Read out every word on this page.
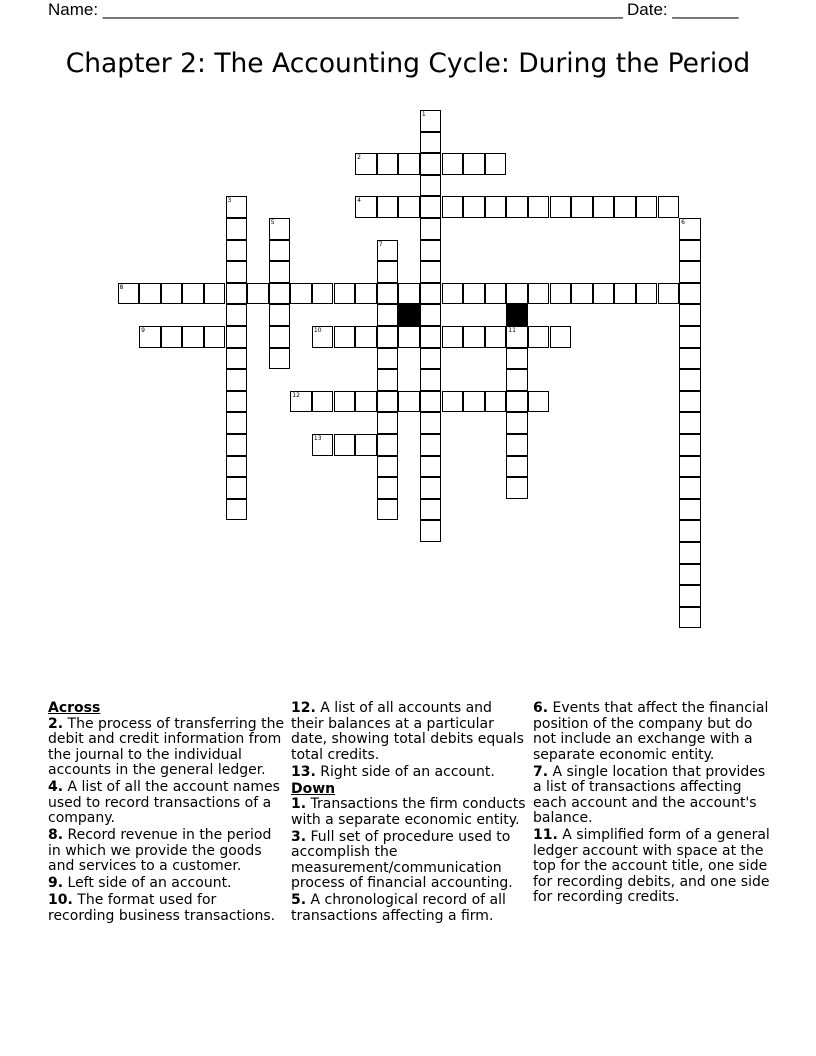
Name: _______________________________________________________ Date: _______
Chapter 2: The Accounting Cycle: During the Period
1
2
3	4
5	6
7
8
9	10	11
12
13
Across
2. The process of transferring the debit and credit information from the journal to the individual accounts in the general ledger.
4. A list of all the account names used to record transactions of a company.
8. Record revenue in the period in which we provide the goods and services to a customer.
9. Left side of an account.
10. The format used for recording business transactions.
12. A list of all accounts and their balances at a particular date, showing total debits equals total credits.
13. Right side of an account.
Down
1. Transactions the firm conducts with a separate economic entity.
3. Full set of procedure used to accomplish the measurement/communication process of financial accounting.
5. A chronological record of all transactions affecting a firm.
6. Events that affect the financial position of the company but do not include an exchange with a separate economic entity.
7. A single location that provides a list of transactions affecting each account and the account's balance.
11. A simplified form of a general ledger account with space at the top for the account title, one side for recording debits, and one side for recording credits.
